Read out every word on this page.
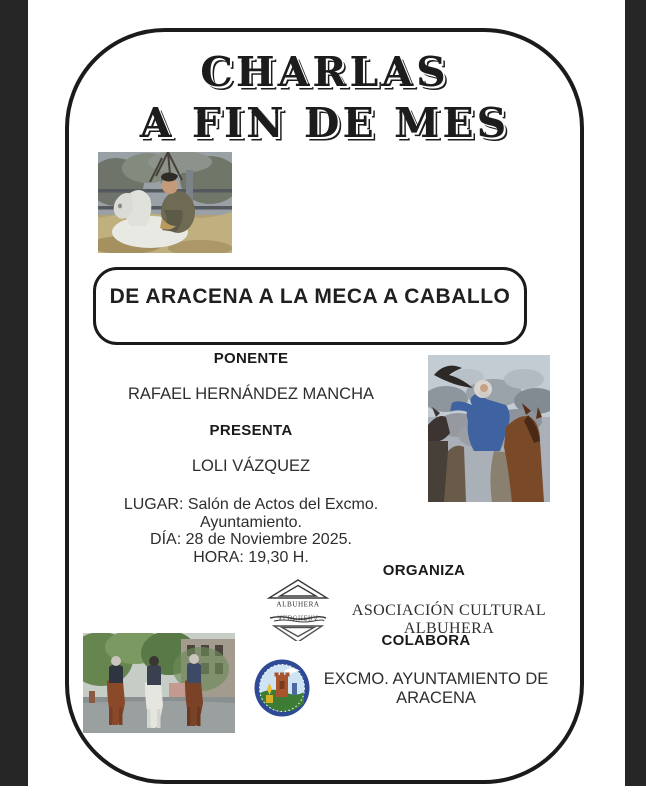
CHARLAS
A FIN DE MES
DE ARACENA A LA MECA A CABALLO
PONENTE
RAFAEL HERNÁNDEZ MANCHA
PRESENTA
LOLI VÁZQUEZ
LUGAR: Salón de Actos del Excmo. Ayuntamiento.
DÍA: 28 de Noviembre 2025.
HORA: 19,30 H.
ORGANIZA
ALBUHERA
ALBUHERA	ASOCIACIÓN CULTURAL ALBUHERA
COLABORA
EXCMO. AYUNTAMIENTO DE ARACENA
